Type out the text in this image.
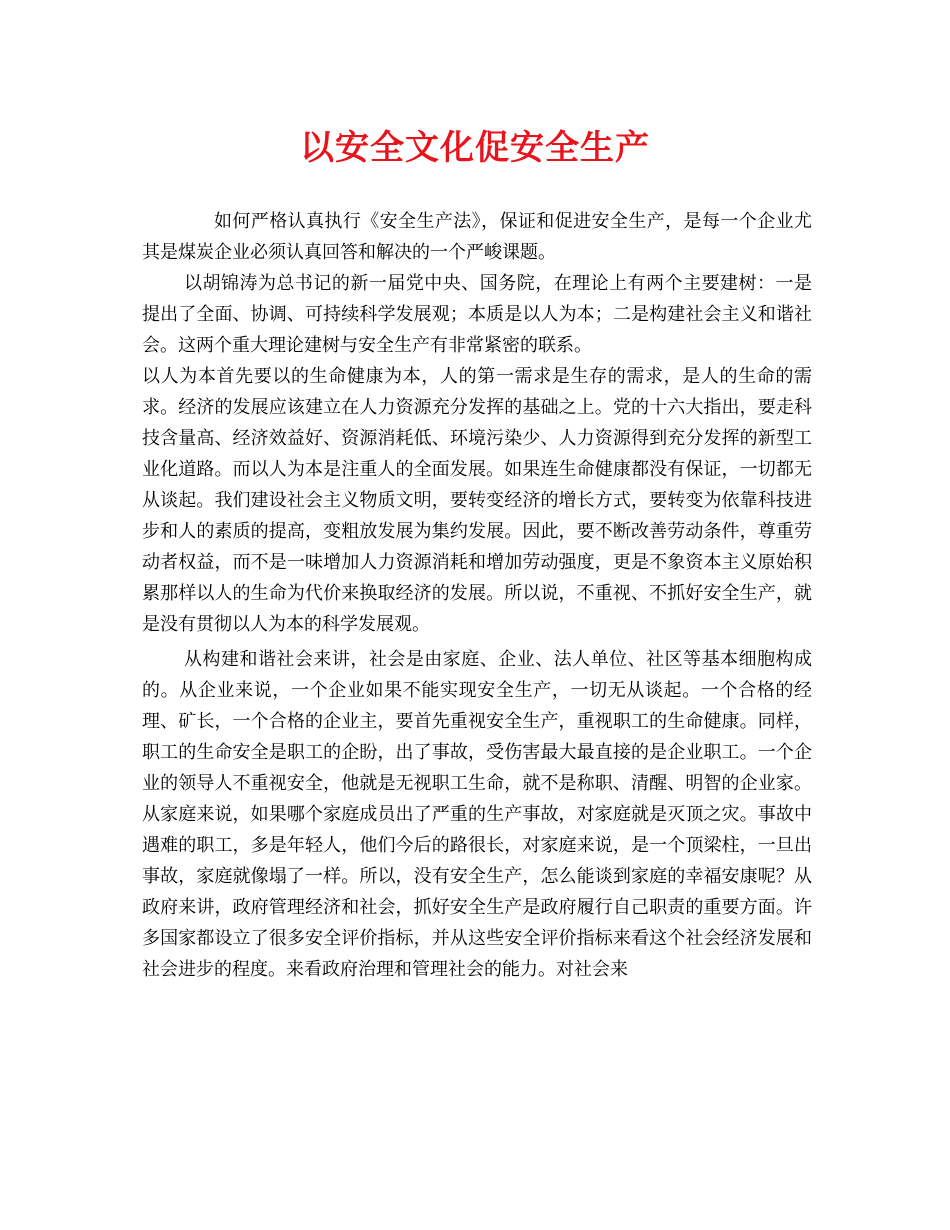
以安全文化促安全生产

如何严格认真执行《安全生产法》，保证和促进安全生产，是每一个企业尤其是煤炭企业必须认真回答和解决的一个严峻课题。

以胡锦涛为总书记的新一届党中央、国务院，在理论上有两个主要建树：一是提出了全面、协调、可持续科学发展观；本质是以人为本；二是构建社会主义和谐社会。这两个重大理论建树与安全生产有非常紧密的联系。

以人为本首先要以的生命健康为本，人的第一需求是生存的需求，是人的生命的需求。经济的发展应该建立在人力资源充分发挥的基础之上。党的十六大指出，要走科技含量高、经济效益好、资源消耗低、环境污染少、人力资源得到充分发挥的新型工业化道路。而以人为本是注重人的全面发展。如果连生命健康都没有保证，一切都无从谈起。我们建设社会主义物质文明，要转变经济的增长方式，要转变为依靠科技进步和人的素质的提高，变粗放发展为集约发展。因此，要不断改善劳动条件，尊重劳动者权益，而不是一味增加人力资源消耗和增加劳动强度，更是不象资本主义原始积累那样以人的生命为代价来换取经济的发展。所以说，不重视、不抓好安全生产，就是没有贯彻以人为本的科学发展观。

从构建和谐社会来讲，社会是由家庭、企业、法人单位、社区等基本细胞构成的。从企业来说，一个企业如果不能实现安全生产，一切无从谈起。一个合格的经理、矿长，一个合格的企业主，要首先重视安全生产，重视职工的生命健康。同样，职工的生命安全是职工的企盼，出了事故，受伤害最大最直接的是企业职工。一个企业的领导人不重视安全，他就是无视职工生命，就不是称职、清醒、明智的企业家。从家庭来说，如果哪个家庭成员出了严重的生产事故，对家庭就是灭顶之灾。事故中遇难的职工，多是年轻人，他们今后的路很长，对家庭来说，是一个顶梁柱，一旦出事故，家庭就像塌了一样。所以，没有安全生产，怎么能谈到家庭的幸福安康呢？从政府来讲，政府管理经济和社会，抓好安全生产是政府履行自己职责的重要方面。许多国家都设立了很多安全评价指标，并从这些安全评价指标来看这个社会经济发展和社会进步的程度。来看政府治理和管理社会的能力。对社会来
